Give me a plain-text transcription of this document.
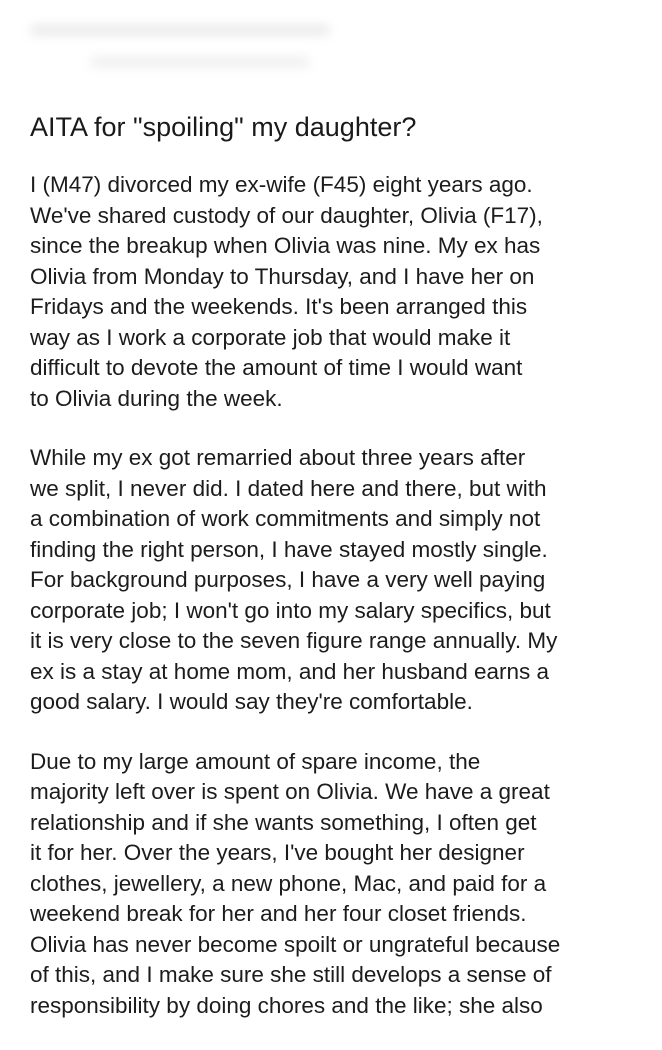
AITA for "spoiling" my daughter?

I (M47) divorced my ex-wife (F45) eight years ago.
We've shared custody of our daughter, Olivia (F17),
since the breakup when Olivia was nine. My ex has
Olivia from Monday to Thursday, and I have her on
Fridays and the weekends. It's been arranged this
way as I work a corporate job that would make it
difficult to devote the amount of time I would want
to Olivia during the week.

While my ex got remarried about three years after
we split, I never did. I dated here and there, but with
a combination of work commitments and simply not
finding the right person, I have stayed mostly single.
For background purposes, I have a very well paying
corporate job; I won't go into my salary specifics, but
it is very close to the seven figure range annually. My
ex is a stay at home mom, and her husband earns a
good salary. I would say they're comfortable.

Due to my large amount of spare income, the
majority left over is spent on Olivia. We have a great
relationship and if she wants something, I often get
it for her. Over the years, I've bought her designer
clothes, jewellery, a new phone, Mac, and paid for a
weekend break for her and her four closet friends.
Olivia has never become spoilt or ungrateful because
of this, and I make sure she still develops a sense of
responsibility by doing chores and the like; she also
